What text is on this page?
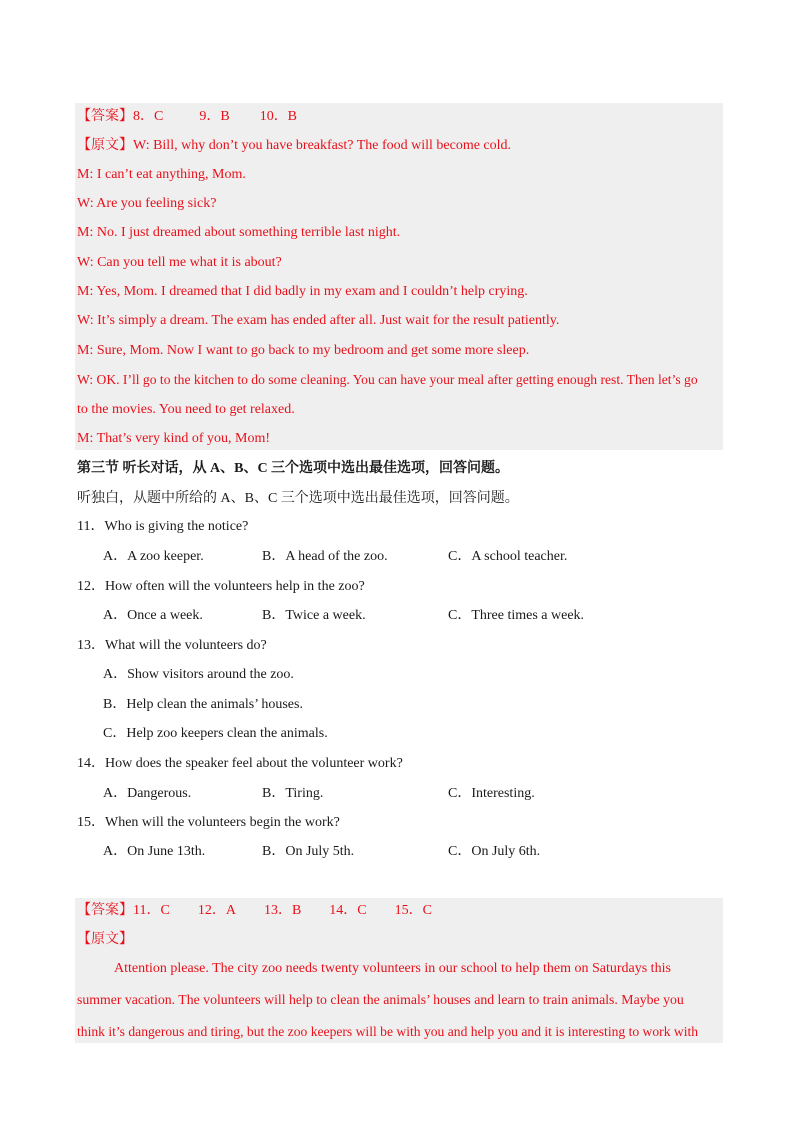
【答案】8．C	9．B 10．B
【原文】W: Bill, why don’t you have breakfast? The food will become cold.
M: I can’t eat anything, Mom.
W: Are you feeling sick?
M: No. I just dreamed about something terrible last night.
W: Can you tell me what it is about?
M: Yes, Mom. I dreamed that I did badly in my exam and I couldn’t help crying.
W: It’s simply a dream. The exam has ended after all. Just wait for the result patiently.
M: Sure, Mom. Now I want to go back to my bedroom and get some more sleep.
W: OK. I’ll go to the kitchen to do some cleaning. You can have your meal after getting enough rest. Then let’s go
to the movies. You need to get relaxed.
M: That’s very kind of you, Mom!
第三节 听长对话，从 A、B、C 三个选项中选出最佳选项，回答问题。
听独白，从题中所给的 A、B、C 三个选项中选出最佳选项，回答问题。
11．Who is giving the notice?
A．A zoo keeper.	B．A head of the zoo.	C．A school teacher.
12．How often will the volunteers help in the zoo?
A．Once a week.	B．Twice a week.	C．Three times a week.
13．What will the volunteers do?
A．Show visitors around the zoo.
B．Help clean the animals’ houses.
C．Help zoo keepers clean the animals.
14．How does the speaker feel about the volunteer work?
A．Dangerous.	B．Tiring.	C．Interesting.
15．When will the volunteers begin the work?
A．On June 13th.	B．On July 5th.	C．On July 6th.
【答案】11．C 12．A 13．B 14．C 15．C
【原文】
Attention please. The city zoo needs twenty volunteers in our school to help them on Saturdays this
summer vacation. The volunteers will help to clean the animals’ houses and learn to train animals. Maybe you
think it’s dangerous and tiring, but the zoo keepers will be with you and help you and it is interesting to work with
